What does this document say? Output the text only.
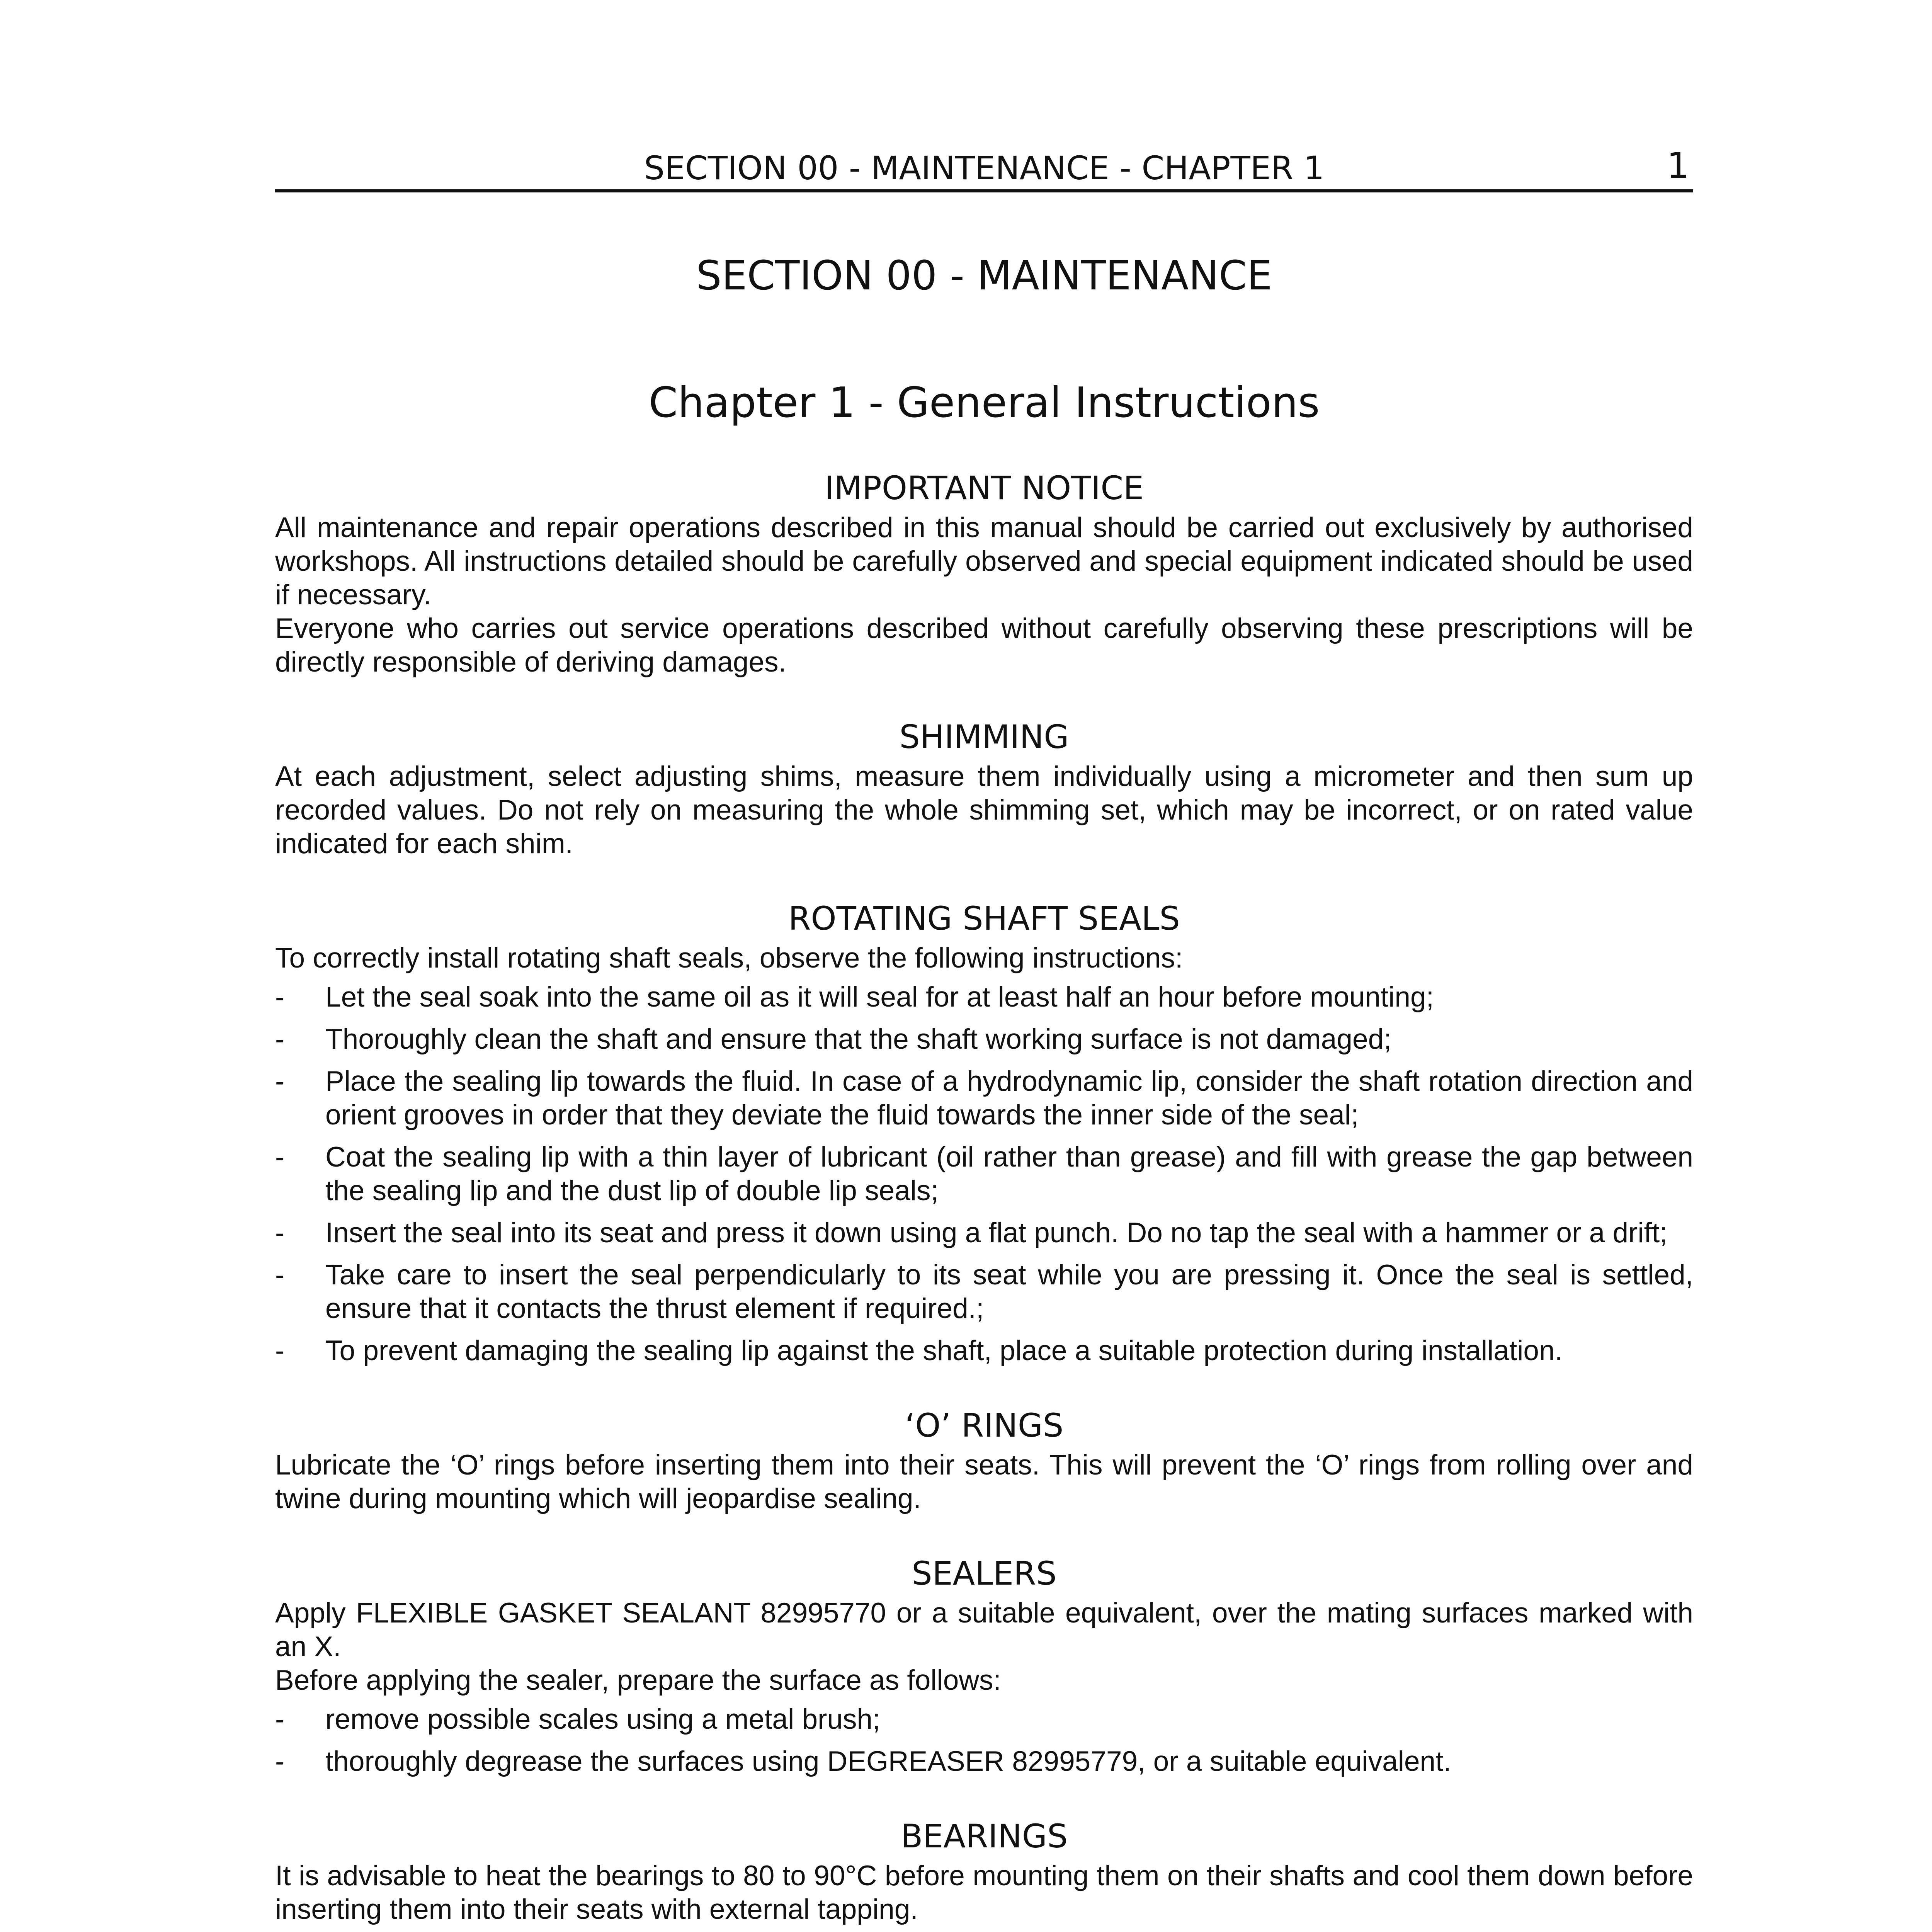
SECTION 00 - MAINTENANCE - CHAPTER 1	1
SECTION 00 - MAINTENANCE
Chapter 1 - General Instructions
IMPORTANT NOTICE

All maintenance and repair operations described in this manual should be carried out exclusively by authorised workshops. All instructions detailed should be carefully observed and special equipment indicated should be used if necessary.

Everyone who carries out service operations described without carefully observing these prescriptions will be directly responsible of deriving damages.

SHIMMING

At each adjustment, select adjusting shims, measure them individually using a micrometer and then sum up recorded values. Do not rely on measuring the whole shimming set, which may be incorrect, or on rated value indicated for each shim.

ROTATING SHAFT SEALS

To correctly install rotating shaft seals, observe the following instructions:

- Let the seal soak into the same oil as it will seal for at least half an hour before mounting;
- Thoroughly clean the shaft and ensure that the shaft working surface is not damaged;
- Place the sealing lip towards the fluid. In case of a hydrodynamic lip, consider the shaft rotation direction and orient grooves in order that they deviate the fluid towards the inner side of the seal;
- Coat the sealing lip with a thin layer of lubricant (oil rather than grease) and fill with grease the gap between the sealing lip and the dust lip of double lip seals;
- Insert the seal into its seat and press it down using a flat punch. Do no tap the seal with a hammer or a drift;
- Take care to insert the seal perpendicularly to its seat while you are pressing it. Once the seal is settled, ensure that it contacts the thrust element if required.;
- To prevent damaging the sealing lip against the shaft, place a suitable protection during installation.
‘O’ RINGS

Lubricate the ‘O’ rings before inserting them into their seats. This will prevent the ‘O’ rings from rolling over and twine during mounting which will jeopardise sealing.

SEALERS

Apply FLEXIBLE GASKET SEALANT 82995770 or a suitable equivalent, over the mating surfaces marked with an X.

Before applying the sealer, prepare the surface as follows:

- remove possible scales using a metal brush;
- thoroughly degrease the surfaces using DEGREASER 82995779, or a suitable equivalent.
BEARINGS

It is advisable to heat the bearings to 80 to 90°C before mounting them on their shafts and cool them down before inserting them into their seats with external tapping.
